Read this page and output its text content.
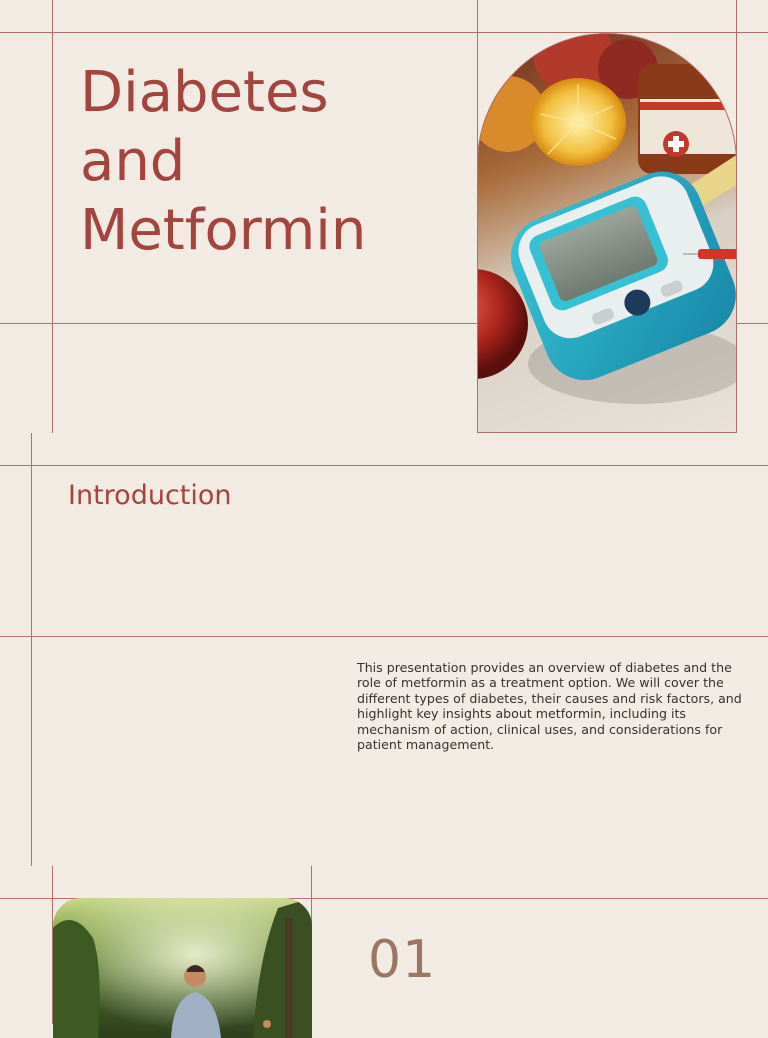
Diabetes
and
Metformin
Introduction

This presentation provides an overview of diabetes and the role of metformin as a treatment option. We will cover the different types of diabetes, their causes and risk factors, and highlight key insights about metformin, including its mechanism of action, clinical uses, and considerations for patient management.

01
